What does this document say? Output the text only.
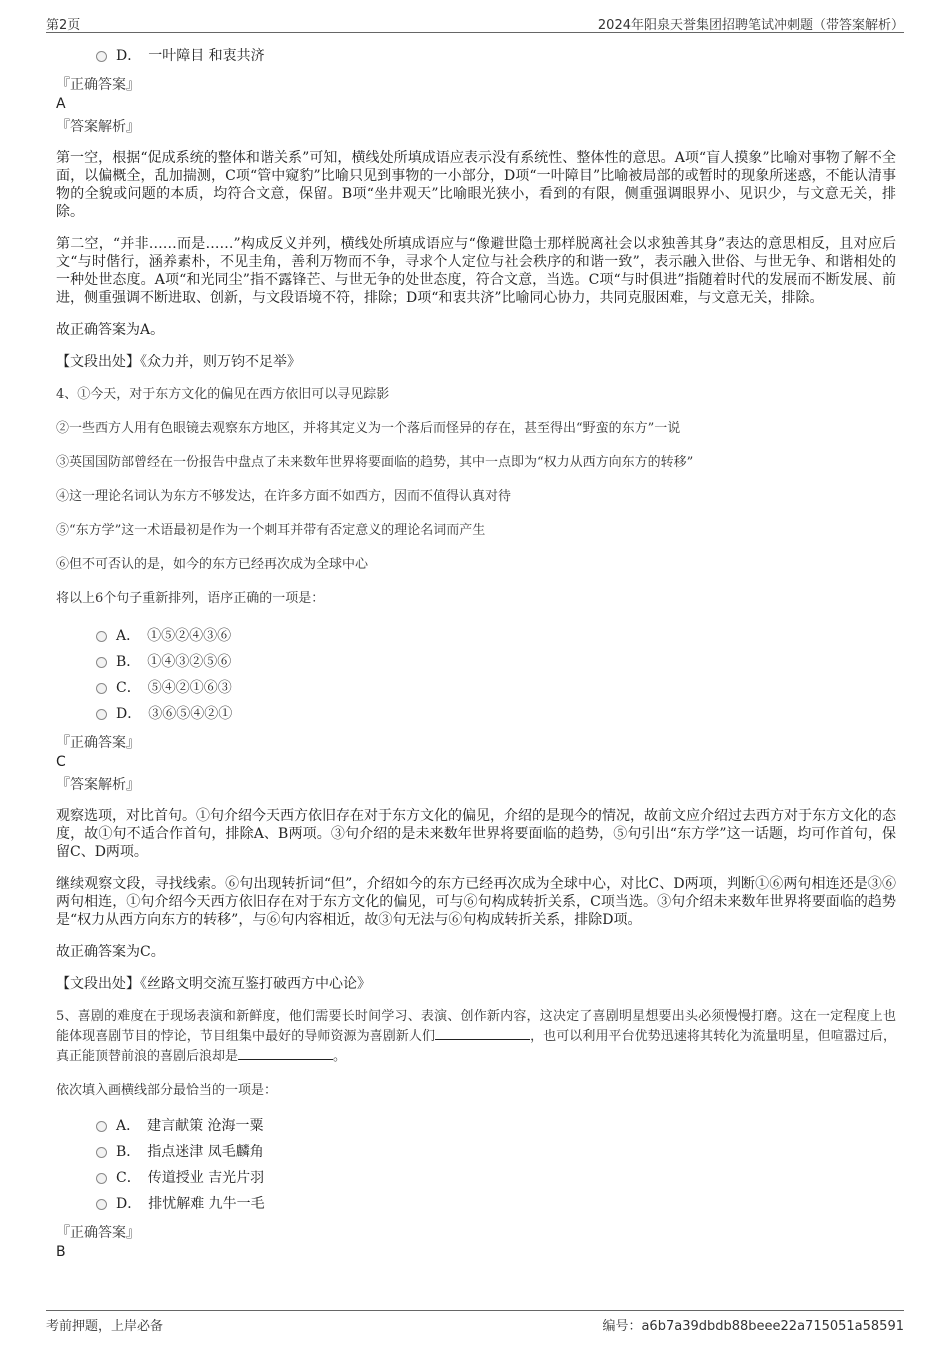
第2页	2024年阳泉天誉集团招聘笔试冲刺题（带答案解析）
D．　一叶障目 和衷共济
『正确答案』
A
『答案解析』

第一空，根据“促成系统的整体和谐关系”可知，横线处所填成语应表示没有系统性、整体性的意思。A项“盲人摸象”比喻对事物了解不全面，以偏概全，乱加揣测，C项“管中窥豹”比喻只见到事物的一小部分，D项“一叶障目”比喻被局部的或暂时的现象所迷惑，不能认清事物的全貌或问题的本质，均符合文意，保留。B项“坐井观天”比喻眼光狭小，看到的有限，侧重强调眼界小、见识少，与文意无关，排除。

第二空，“并非……而是……”构成反义并列，横线处所填成语应与“像避世隐士那样脱离社会以求独善其身”表达的意思相反，且对应后文“与时偕行，涵养素朴，不见圭角，善利万物而不争，寻求个人定位与社会秩序的和谐一致”，表示融入世俗、与世无争、和谐相处的一种处世态度。A项“和光同尘”指不露锋芒、与世无争的处世态度，符合文意，当选。C项“与时俱进”指随着时代的发展而不断发展、前进，侧重强调不断进取、创新，与文段语境不符，排除；D项“和衷共济”比喻同心协力，共同克服困难，与文意无关，排除。

故正确答案为A。

【文段出处】《众力并，则万钧不足举》

4、①今天，对于东方文化的偏见在西方依旧可以寻见踪影
②一些西方人用有色眼镜去观察东方地区，并将其定义为一个落后而怪异的存在，甚至得出“野蛮的东方”一说
③英国国防部曾经在一份报告中盘点了未来数年世界将要面临的趋势，其中一点即为“权力从西方向东方的转移”
④这一理论名词认为东方不够发达，在许多方面不如西方，因而不值得认真对待
⑤“东方学”这一术语最初是作为一个刺耳并带有否定意义的理论名词而产生
⑥但不可否认的是，如今的东方已经再次成为全球中心
将以上6个句子重新排列，语序正确的一项是：
A．　①⑤②④③⑥
B．　①④③②⑤⑥
C．　⑤④②①⑥③
D．　③⑥⑤④②①
『正确答案』
C
『答案解析』

观察选项，对比首句。①句介绍今天西方依旧存在对于东方文化的偏见，介绍的是现今的情况，故前文应介绍过去西方对于东方文化的态度，故①句不适合作首句，排除A、B两项。③句介绍的是未来数年世界将要面临的趋势，⑤句引出“东方学”这一话题，均可作首句，保留C、D两项。

继续观察文段，寻找线索。⑥句出现转折词“但”，介绍如今的东方已经再次成为全球中心，对比C、D两项，判断①⑥两句相连还是③⑥两句相连，①句介绍今天西方依旧存在对于东方文化的偏见，可与⑥句构成转折关系，C项当选。③句介绍未来数年世界将要面临的趋势是“权力从西方向东方的转移”，与⑥句内容相近，故③句无法与⑥句构成转折关系，排除D项。

故正确答案为C。

【文段出处】《丝路文明交流互鉴打破西方中心论》

5、喜剧的难度在于现场表演和新鲜度，他们需要长时间学习、表演、创作新内容，这决定了喜剧明星想要出头必须慢慢打磨。这在一定程度上也能体现喜剧节目的悖论，节目组集中最好的导师资源为喜剧新人们	，也可以利用平台优势迅速将其转化为流量明星，但喧嚣过后，真正能顶替前浪的喜剧后浪却是	。
依次填入画横线部分最恰当的一项是：
A．　建言献策 沧海一粟
B．　指点迷津 凤毛麟角
C．　传道授业 吉光片羽
D．　排忧解难 九牛一毛
『正确答案』
B
考前押题，上岸必备	编号：a6b7a39dbdb88beee22a715051a58591
